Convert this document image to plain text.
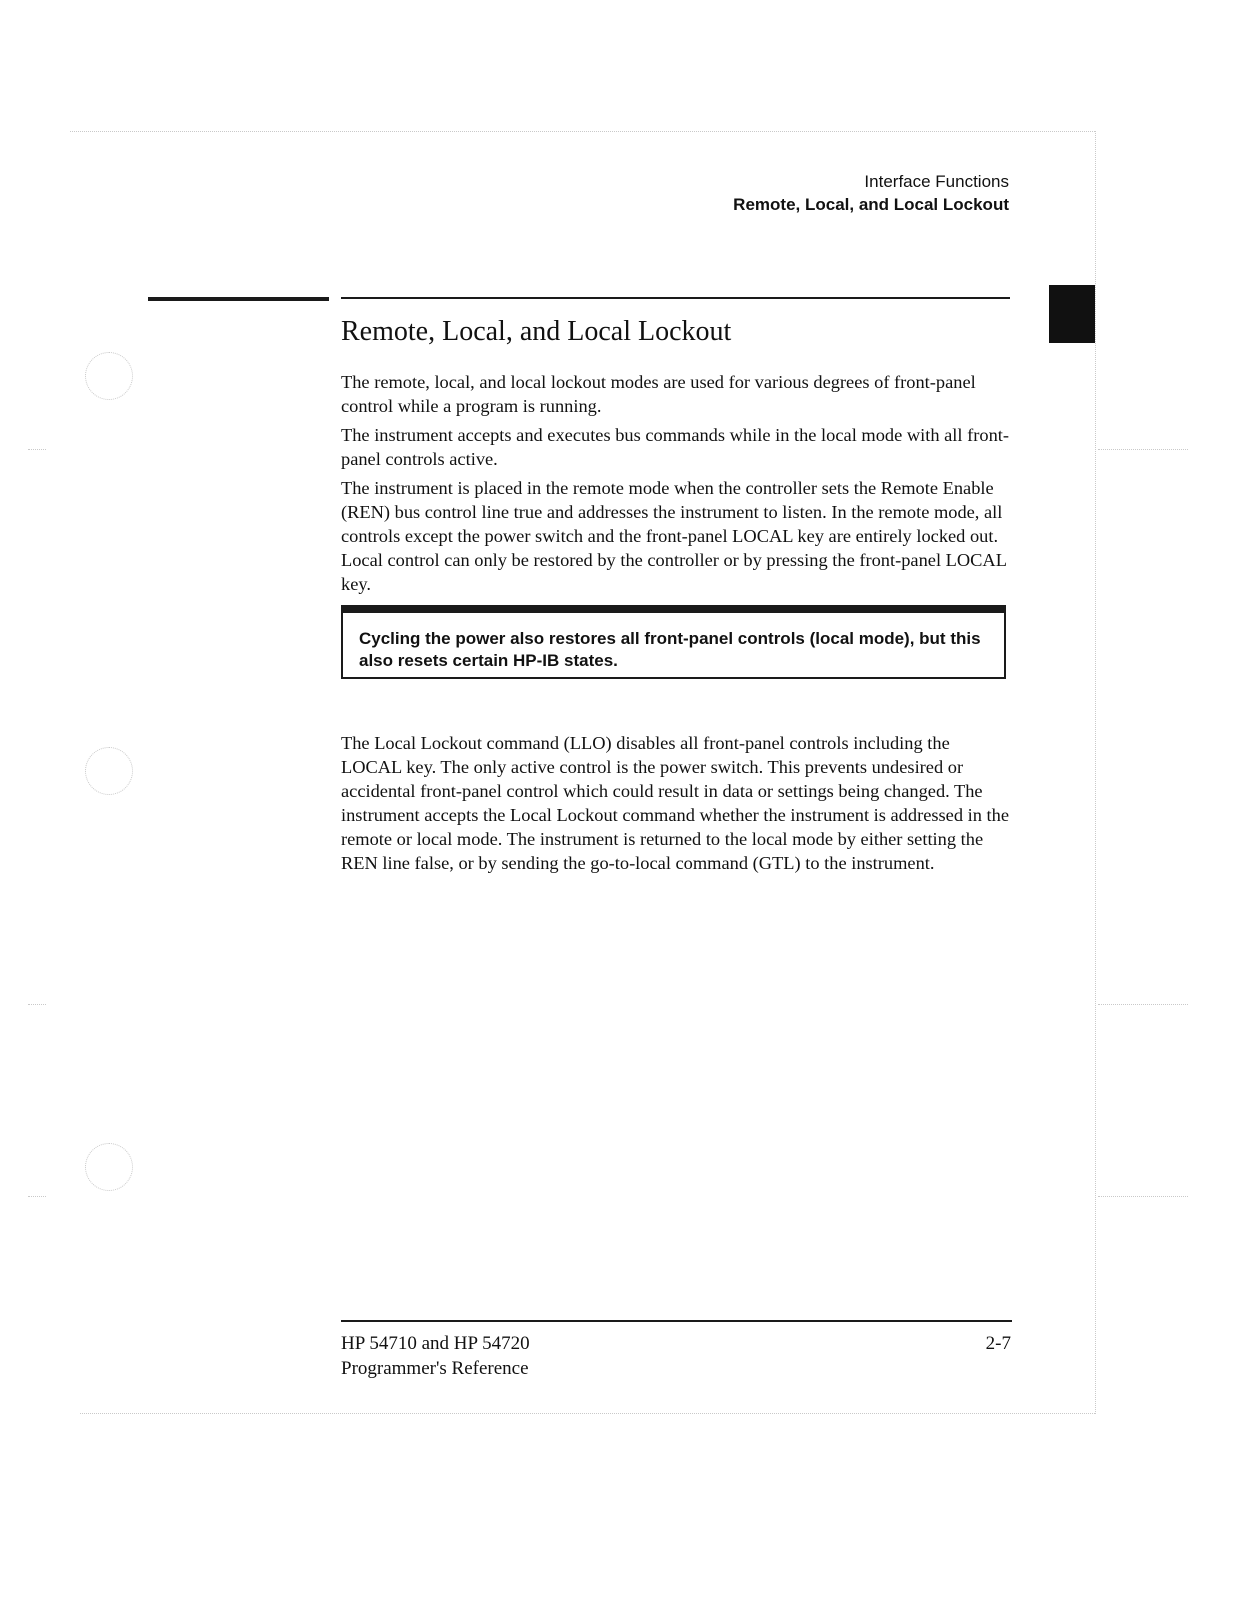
Interface Functions
Remote, Local, and Local Lockout
Remote, Local, and Local Lockout

The remote, local, and local lockout modes are used for various degrees of front-panel control while a program is running.

The instrument accepts and executes bus commands while in the local mode with all front-panel controls active.

The instrument is placed in the remote mode when the controller sets the Remote Enable (REN) bus control line true and addresses the instrument to listen. In the remote mode, all controls except the power switch and the front-panel LOCAL key are entirely locked out. Local control can only be restored by the controller or by pressing the front-panel LOCAL key.

Cycling the power also restores all front-panel controls (local mode), but this also resets certain HP-IB states.

The Local Lockout command (LLO) disables all front-panel controls including the LOCAL key. The only active control is the power switch. This prevents undesired or accidental front-panel control which could result in data or settings being changed. The instrument accepts the Local Lockout command whether the instrument is addressed in the remote or local mode. The instrument is returned to the local mode by either setting the REN line false, or by sending the go-to-local command (GTL) to the instrument.

HP 54710 and HP 54720
Programmer's Reference
2-7
